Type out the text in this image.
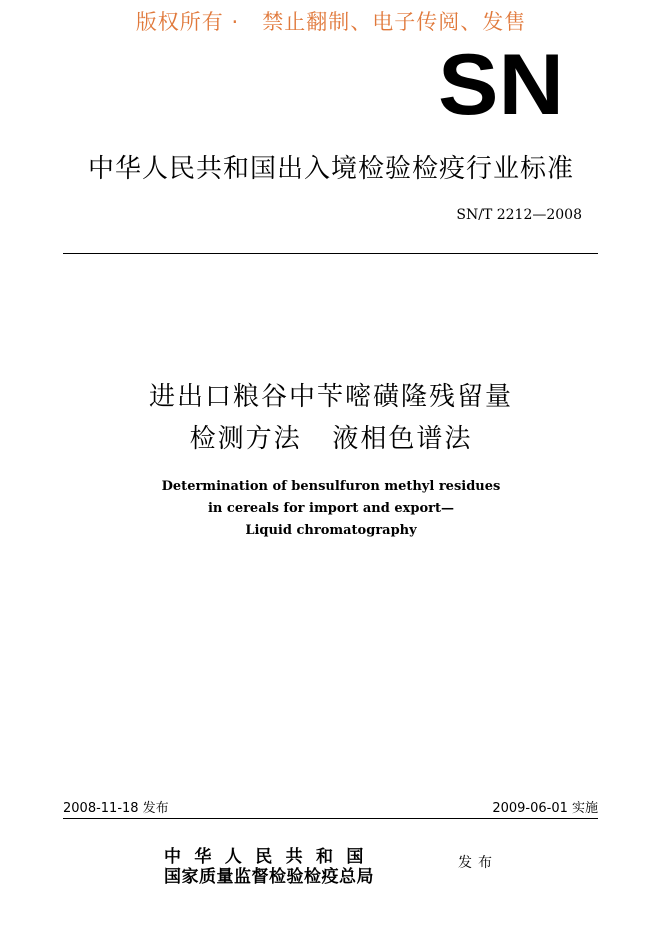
版权所有 ·   禁止翻制、电子传阅、发售
SN
中华人民共和国出入境检验检疫行业标准
SN/T 2212—2008
进出口粮谷中苄嘧磺隆残留量
检测方法   液相色谱法
Determination of bensulfuron methyl residues
in cereals for import and export—
Liquid chromatography
2008-11-18 发布	2009-06-01 实施
中华人民共和国
国家质量监督检验检疫总局
发布
